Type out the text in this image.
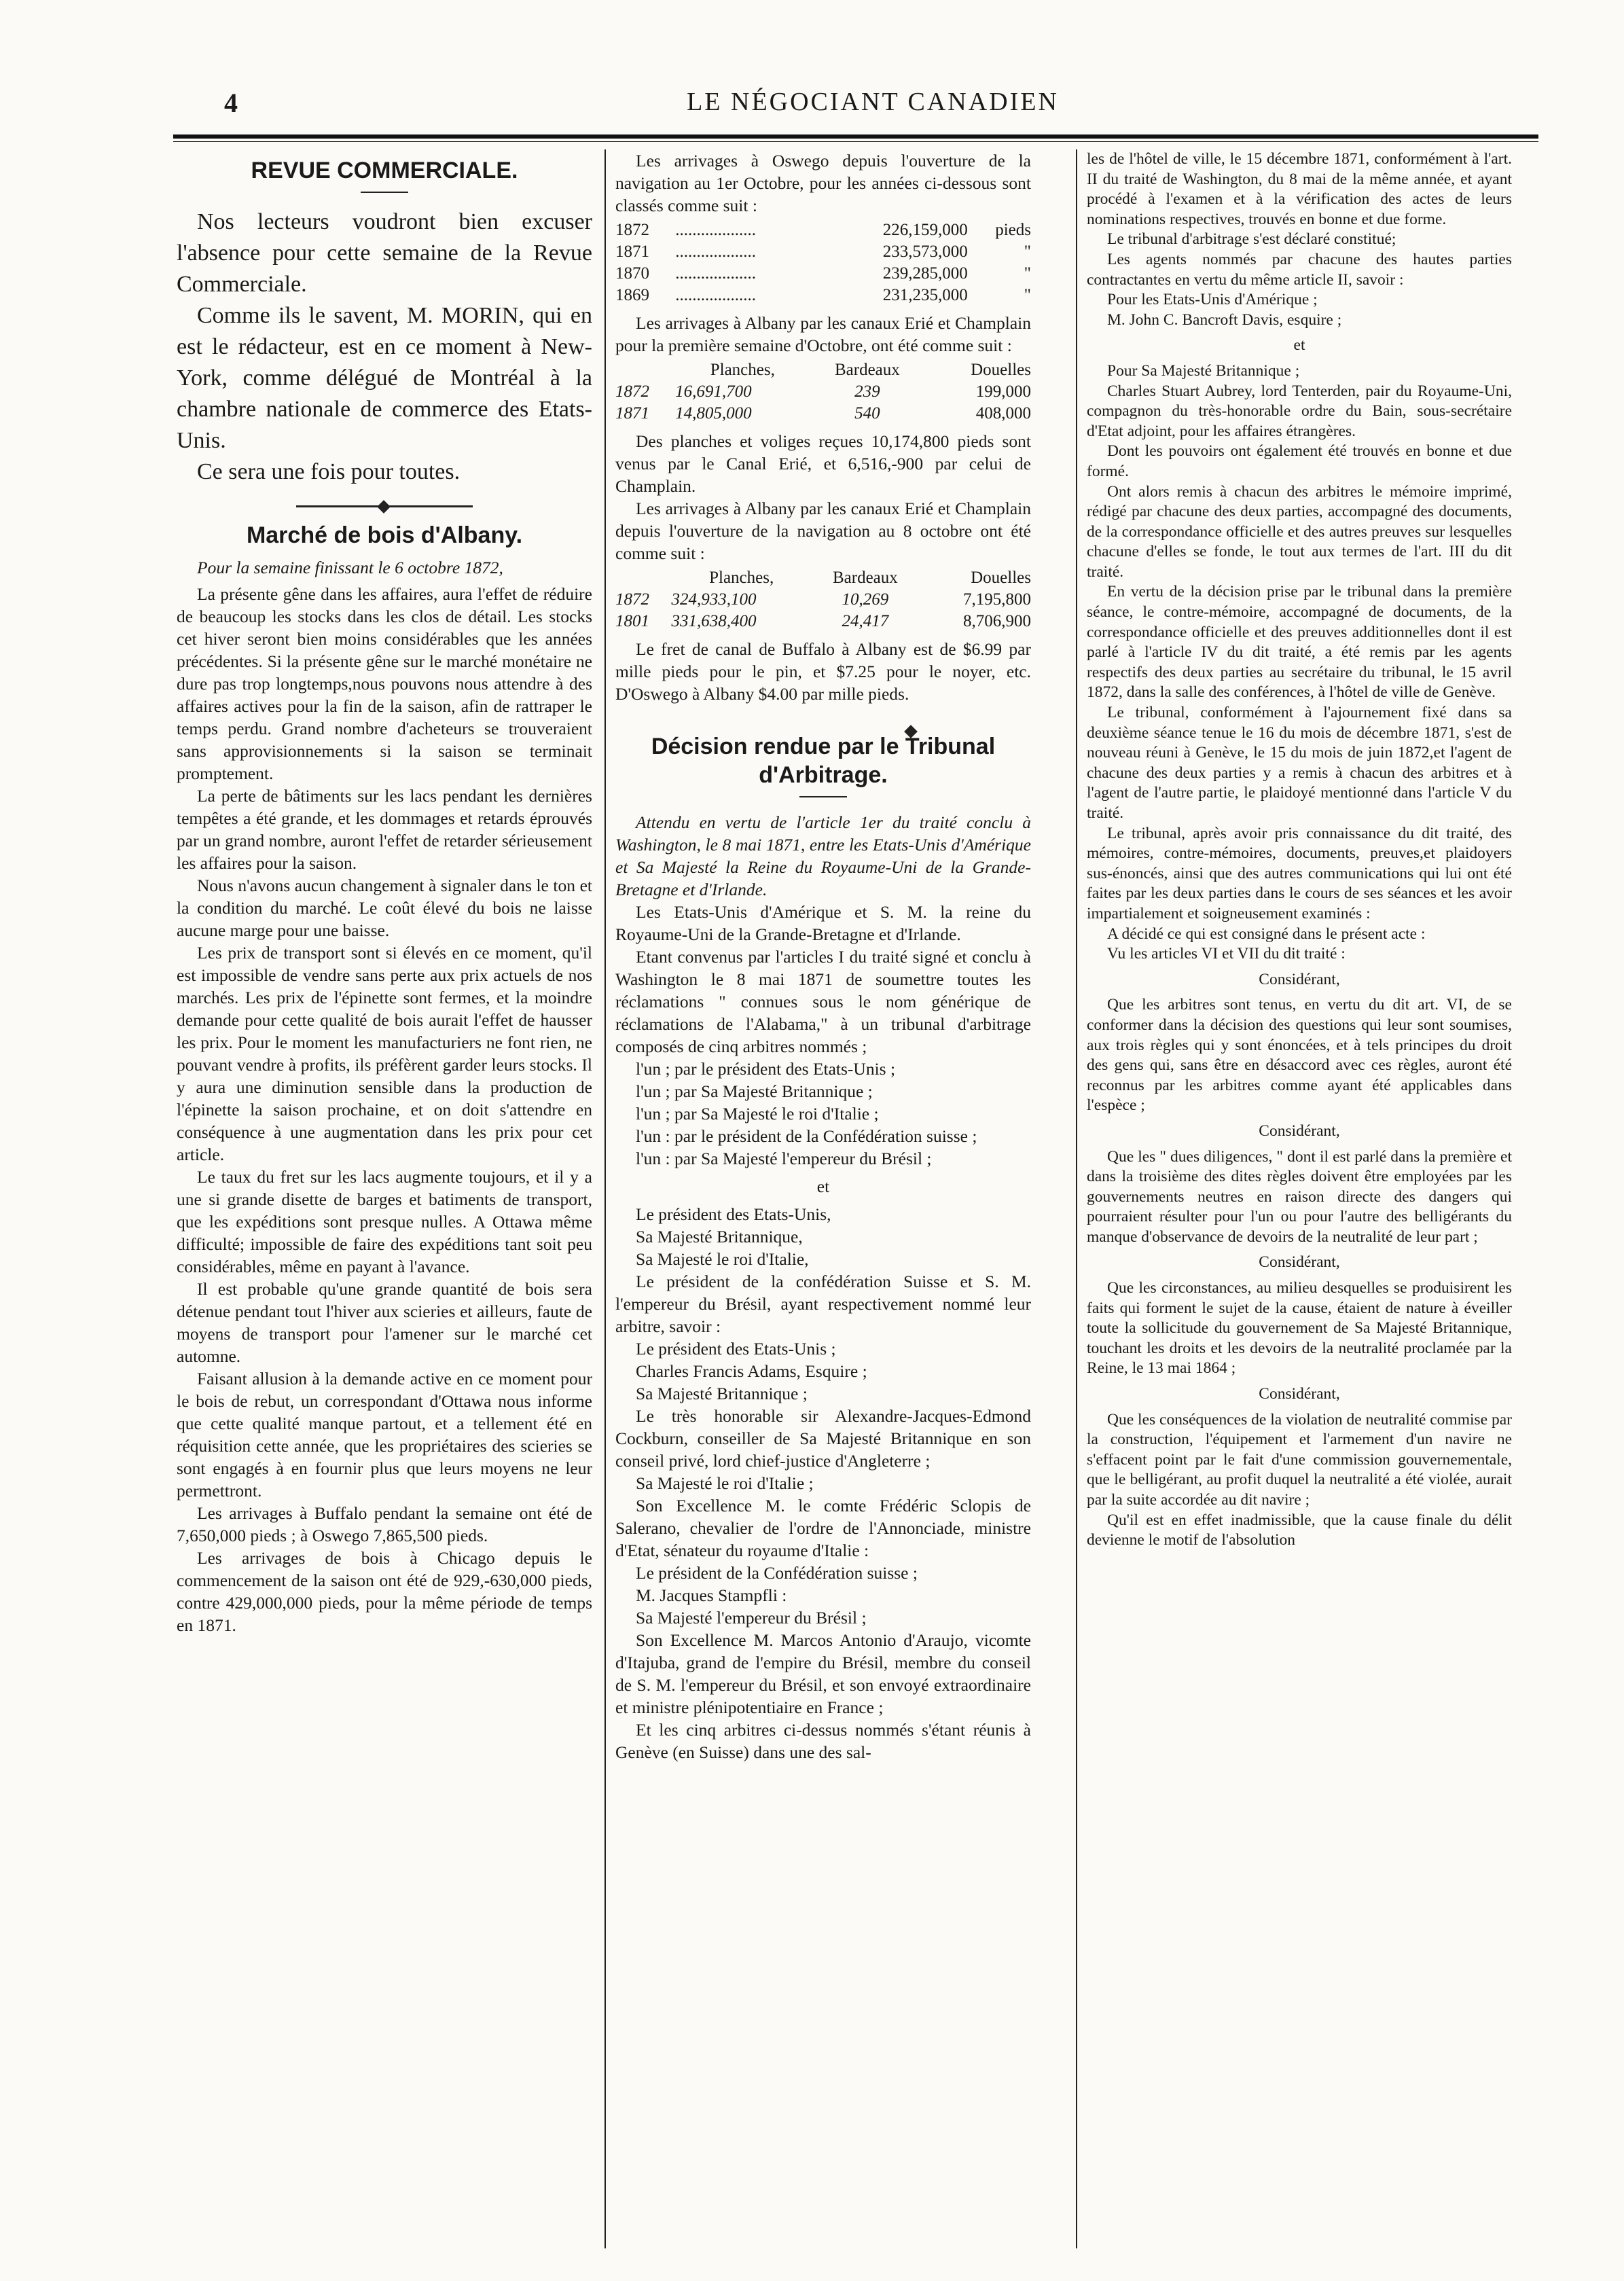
4	LE NÉGOCIANT CANADIEN
REVUE COMMERCIALE.

Nos lecteurs voudront bien excuser l'absence pour cette semaine de la Revue Commerciale.

Comme ils le savent, M. MORIN, qui en est le rédacteur, est en ce moment à New-York, comme délégué de Montréal à la chambre nationale de commerce des Etats-Unis.

Ce sera une fois pour toutes.

Marché de bois d'Albany.

Pour la semaine finissant le 6 octobre 1872,

La présente gêne dans les affaires, aura l'effet de réduire de beaucoup les stocks dans les clos de détail. Les stocks cet hiver seront bien moins considérables que les années précédentes. Si la présente gêne sur le marché monétaire ne dure pas trop longtemps,nous pouvons nous attendre à des affaires actives pour la fin de la saison, afin de rattraper le temps perdu. Grand nombre d'acheteurs se trouveraient sans approvisionnements si la saison se terminait promptement.

La perte de bâtiments sur les lacs pendant les dernières tempêtes a été grande, et les dommages et retards éprouvés par un grand nombre, auront l'effet de retarder sérieusement les affaires pour la saison.

Nous n'avons aucun changement à signaler dans le ton et la condition du marché. Le coût élevé du bois ne laisse aucune marge pour une baisse.

Les prix de transport sont si élevés en ce moment, qu'il est impossible de vendre sans perte aux prix actuels de nos marchés. Les prix de l'épinette sont fermes, et la moindre demande pour cette qualité de bois aurait l'effet de hausser les prix. Pour le moment les manufacturiers ne font rien, ne pouvant vendre à profits, ils préfèrent garder leurs stocks. Il y aura une diminution sensible dans la production de l'épinette la saison prochaine, et on doit s'attendre en conséquence à une augmentation dans les prix pour cet article.

Le taux du fret sur les lacs augmente toujours, et il y a une si grande disette de barges et batiments de transport, que les expéditions sont presque nulles. A Ottawa même difficulté; impossible de faire des expéditions tant soit peu considérables, même en payant à l'avance.

Il est probable qu'une grande quantité de bois sera détenue pendant tout l'hiver aux scieries et ailleurs, faute de moyens de transport pour l'amener sur le marché cet automne.

Faisant allusion à la demande active en ce moment pour le bois de rebut, un correspondant d'Ottawa nous informe que cette qualité manque partout, et a tellement été en réquisition cette année, que les propriétaires des scieries se sont engagés à en fournir plus que leurs moyens ne leur permettront.

Les arrivages à Buffalo pendant la semaine ont été de 7,650,000 pieds ; à Oswego 7,865,500 pieds.

Les arrivages de bois à Chicago depuis le commencement de la saison ont été de 929,-630,000 pieds, contre 429,000,000 pieds, pour la même période de temps en 1871.

Les arrivages à Oswego depuis l'ouverture de la navigation au 1er Octobre, pour les années ci-dessous sont classés comme suit :

1872	...................	226,159,000	pieds
1871	...................	233,573,000	"
1870	...................	239,285,000	"
1869	...................	231,235,000	"

Les arrivages à Albany par les canaux Erié et Champlain pour la première semaine d'Octobre, ont été comme suit :

	Planches,	Bardeaux	Douelles
1872	16,691,700	239	199,000
1871	14,805,000	540	408,000

Des planches et voliges reçues 10,174,800 pieds sont venus par le Canal Erié, et 6,516,-900 par celui de Champlain.

Les arrivages à Albany par les canaux Erié et Champlain depuis l'ouverture de la navigation au 8 octobre ont été comme suit :

	Planches,	Bardeaux	Douelles
1872	324,933,100	10,269	7,195,800
1801	331,638,400	24,417	8,706,900

Le fret de canal de Buffalo à Albany est de $6.99 par mille pieds pour le pin, et $7.25 pour le noyer, etc. D'Oswego à Albany $4.00 par mille pieds.

Décision rendue par le Tribunal
d'Arbitrage.

Attendu en vertu de l'article 1er du traité conclu à Washington, le 8 mai 1871, entre les Etats-Unis d'Amérique et Sa Majesté la Reine du Royaume-Uni de la Grande-Bretagne et d'Irlande.

Les Etats-Unis d'Amérique et S. M. la reine du Royaume-Uni de la Grande-Bretagne et d'Irlande.

Etant convenus par l'articles I du traité signé et conclu à Washington le 8 mai 1871 de soumettre toutes les réclamations " connues sous le nom générique de réclamations de l'Alabama," à un tribunal d'arbitrage composés de cinq arbitres nommés ;

l'un ; par le président des Etats-Unis ;

l'un ; par Sa Majesté Britannique ;

l'un ; par Sa Majesté le roi d'Italie ;

l'un : par le président de la Confédération suisse ;

l'un : par Sa Majesté l'empereur du Brésil ;

et

Le président des Etats-Unis,

Sa Majesté Britannique,

Sa Majesté le roi d'Italie,

Le président de la confédération Suisse et S. M. l'empereur du Brésil, ayant respectivement nommé leur arbitre, savoir :

Le président des Etats-Unis ;

Charles Francis Adams, Esquire ;

Sa Majesté Britannique ;

Le très honorable sir Alexandre-Jacques-Edmond Cockburn, conseiller de Sa Majesté Britannique en son conseil privé, lord chief-justice d'Angleterre ;

Sa Majesté le roi d'Italie ;

Son Excellence M. le comte Frédéric Sclopis de Salerano, chevalier de l'ordre de l'Annonciade, ministre d'Etat, sénateur du royaume d'Italie :

Le président de la Confédération suisse ;

M. Jacques Stampfli :

Sa Majesté l'empereur du Brésil ;

Son Excellence M. Marcos Antonio d'Araujo, vicomte d'Itajuba, grand de l'empire du Brésil, membre du conseil de S. M. l'empereur du Brésil, et son envoyé extraordinaire et ministre plénipotentiaire en France ;

Et les cinq arbitres ci-dessus nommés s'étant réunis à Genève (en Suisse) dans une des sal-

les de l'hôtel de ville, le 15 décembre 1871, conformément à l'art. II du traité de Washington, du 8 mai de la même année, et ayant procédé à l'examen et à la vérification des actes de leurs nominations respectives, trouvés en bonne et due forme.

Le tribunal d'arbitrage s'est déclaré constitué;

Les agents nommés par chacune des hautes parties contractantes en vertu du même article II, savoir :

Pour les Etats-Unis d'Amérique ;

M. John C. Bancroft Davis, esquire ;

et

Pour Sa Majesté Britannique ;

Charles Stuart Aubrey, lord Tenterden, pair du Royaume-Uni, compagnon du très-honorable ordre du Bain, sous-secrétaire d'Etat adjoint, pour les affaires étrangères.

Dont les pouvoirs ont également été trouvés en bonne et due formé.

Ont alors remis à chacun des arbitres le mémoire imprimé, rédigé par chacune des deux parties, accompagné des documents, de la correspondance officielle et des autres preuves sur lesquelles chacune d'elles se fonde, le tout aux termes de l'art. III du dit traité.

En vertu de la décision prise par le tribunal dans la première séance, le contre-mémoire, accompagné de documents, de la correspondance officielle et des preuves additionnelles dont il est parlé à l'article IV du dit traité, a été remis par les agents respectifs des deux parties au secrétaire du tribunal, le 15 avril 1872, dans la salle des conférences, à l'hôtel de ville de Genève.

Le tribunal, conformément à l'ajournement fixé dans sa deuxième séance tenue le 16 du mois de décembre 1871, s'est de nouveau réuni à Genève, le 15 du mois de juin 1872,et l'agent de chacune des deux parties y a remis à chacun des arbitres et à l'agent de l'autre partie, le plaidoyé mentionné dans l'article V du traité.

Le tribunal, après avoir pris connaissance du dit traité, des mémoires, contre-mémoires, documents, preuves,et plaidoyers sus-énoncés, ainsi que des autres communications qui lui ont été faites par les deux parties dans le cours de ses séances et les avoir impartialement et soigneusement examinés :

A décidé ce qui est consigné dans le présent acte :

Vu les articles VI et VII du dit traité :

Considérant,

Que les arbitres sont tenus, en vertu du dit art. VI, de se conformer dans la décision des questions qui leur sont soumises, aux trois règles qui y sont énoncées, et à tels principes du droit des gens qui, sans être en désaccord avec ces règles, auront été reconnus par les arbitres comme ayant été applicables dans l'espèce ;

Considérant,

Que les " dues diligences, " dont il est parlé dans la première et dans la troisième des dites règles doivent être employées par les gouvernements neutres en raison directe des dangers qui pourraient résulter pour l'un ou pour l'autre des belligérants du manque d'observance de devoirs de la neutralité de leur part ;

Considérant,

Que les circonstances, au milieu desquelles se produisirent les faits qui forment le sujet de la cause, étaient de nature à éveiller toute la sollicitude du gouvernement de Sa Majesté Britannique, touchant les droits et les devoirs de la neutralité proclamée par la Reine, le 13 mai 1864 ;

Considérant,

Que les conséquences de la violation de neutralité commise par la construction, l'équipement et l'armement d'un navire ne s'effacent point par le fait d'une commission gouvernementale, que le belligérant, au profit duquel la neutralité a été violée, aurait par la suite accordée au dit navire ;

Qu'il est en effet inadmissible, que la cause finale du délit devienne le motif de l'absolution
